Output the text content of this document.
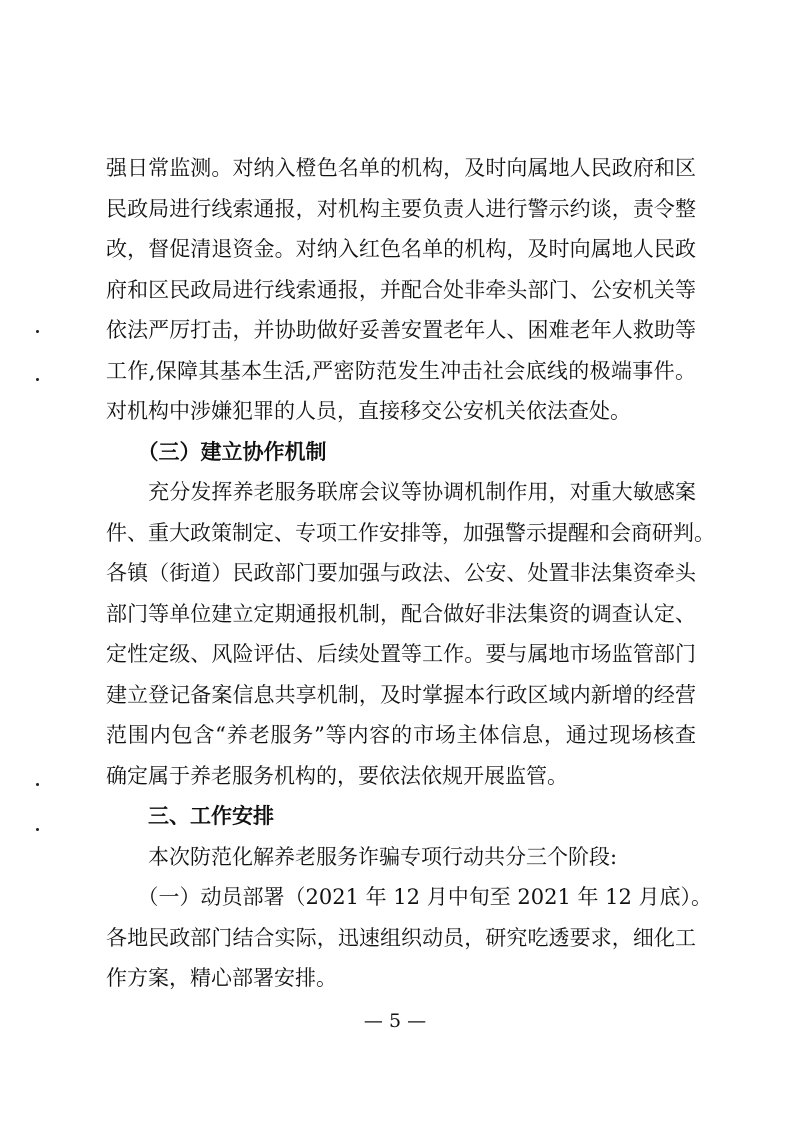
强日常监测。对纳入橙色名单的机构，及时向属地人民政府和区
民政局进行线索通报，对机构主要负责人进行警示约谈，责令整
改，督促清退资金。对纳入红色名单的机构，及时向属地人民政
府和区民政局进行线索通报，并配合处非牵头部门、公安机关等
依法严厉打击，并协助做好妥善安置老年人、困难老年人救助等
工作,保障其基本生活,严密防范发生冲击社会底线的极端事件。
对机构中涉嫌犯罪的人员，直接移交公安机关依法查处。
　　（三）建立协作机制
　　充分发挥养老服务联席会议等协调机制作用，对重大敏感案
件、重大政策制定、专项工作安排等，加强警示提醒和会商研判。
各镇（街道）民政部门要加强与政法、公安、处置非法集资牵头
部门等单位建立定期通报机制，配合做好非法集资的调查认定、
定性定级、风险评估、后续处置等工作。要与属地市场监管部门
建立登记备案信息共享机制，及时掌握本行政区域内新增的经营
范围内包含“养老服务”等内容的市场主体信息，通过现场核查
确定属于养老服务机构的，要依法依规开展监管。
　　三、工作安排
　　本次防范化解养老服务诈骗专项行动共分三个阶段:
　　（一）动员部署（2021 年 12 月中旬至 2021 年 12 月底）。
各地民政部门结合实际，迅速组织动员，研究吃透要求，细化工
作方案，精心部署安排。
— 5 —
